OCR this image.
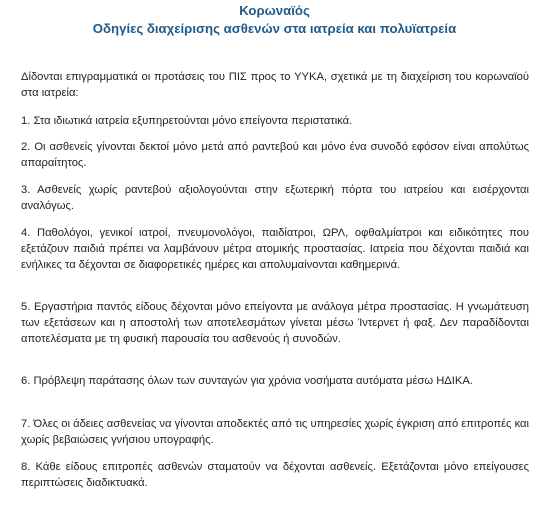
Κορωναϊός
Οδηγίες διαχείρισης ασθενών στα ιατρεία και πολυϊατρεία
Δίδονται επιγραμματικά οι προτάσεις του ΠΙΣ προς το ΥΥΚΑ, σχετικά με τη διαχείριση του κορωναϊού στα ιατρεία:
1. Στα ιδιωτικά ιατρεία εξυπηρετούνται μόνο επείγοντα περιστατικά.
2. Οι ασθενείς γίνονται δεκτοί μόνο μετά από ραντεβού και μόνο ένα συνοδό εφόσον είναι απολύτως απαραίτητος.
3. Ασθενείς χωρίς ραντεβού αξιολογούνται στην εξωτερική πόρτα του ιατρείου και εισέρχονται αναλόγως.
4. Παθολόγοι, γενικοί ιατροί, πνευμονολόγοι, παιδίατροι, ΩΡΛ, οφθαλμίατροι και ειδικότητες που εξετάζουν παιδιά πρέπει να λαμβάνουν μέτρα ατομικής προστασίας. Ιατρεία που δέχονται παιδιά και ενήλικες τα δέχονται σε διαφορετικές ημέρες και απολυμαίνονται καθημερινά.
5. Εργαστήρια παντός είδους δέχονται μόνο επείγοντα με ανάλογα μέτρα προστασίας. Η γνωμάτευση των εξετάσεων και η αποστολή των αποτελεσμάτων γίνεται μέσω Ίντερνετ ή φαξ. Δεν παραδίδονται αποτελέσματα με τη φυσική παρουσία του ασθενούς ή συνοδών.
6. Πρόβλεψη παράτασης όλων των συνταγών για χρόνια νοσήματα αυτόματα μέσω ΗΔΙΚΑ.
7. Όλες οι άδειες ασθενείας να γίνονται αποδεκτές από τις υπηρεσίες χωρίς έγκριση από επιτροπές και χωρίς βεβαιώσεις γνήσιου υπογραφής.
8. Κάθε είδους επιτροπές ασθενών σταματούν να δέχονται ασθενείς. Εξετάζονται μόνο επείγουσες περιπτώσεις διαδικτυακά.
